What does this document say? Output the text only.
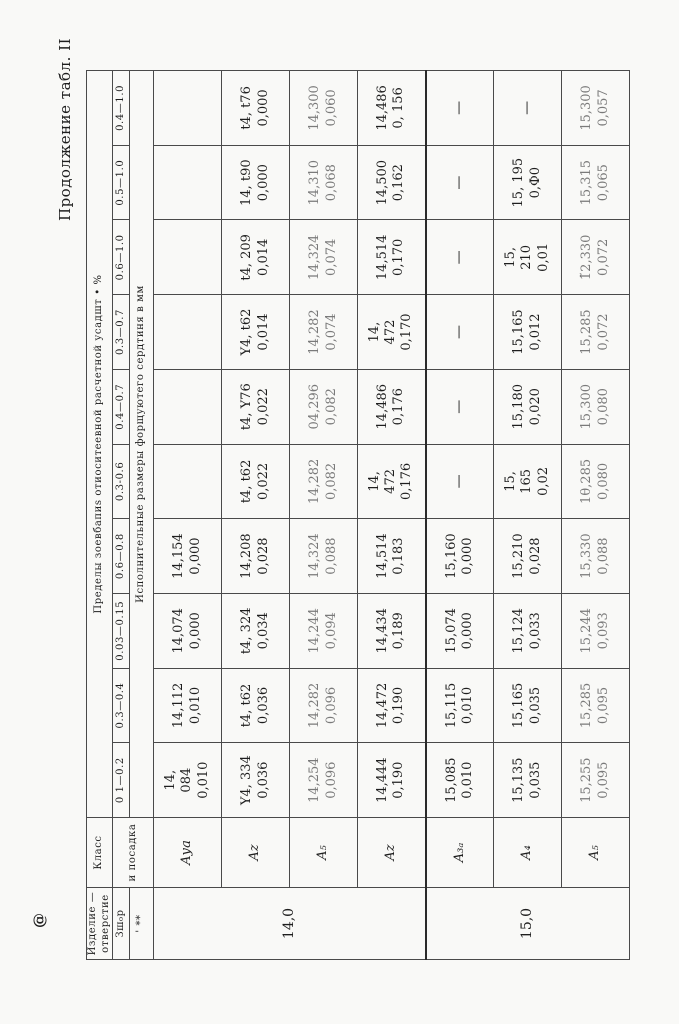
@
Продолжение табл. II
Изделие — отверстие	Класс	Пределы зоевбапиs отиоситеевной расчетной усадшт • %									
Зш₀р	и посадка	0 1—0.2	0.3—0.4	0.03—0.15	0.6—0.8	0.3-0.6	0.4—0.7	0.3—0.7	0.6—1.0	0.5—1.0	0.4—1.0
' **		Исполнительные размеры форщуютего сердтиня в мм									
14,0	Aуа	14, 084 0,010	14,112 0,010	14,074 0,000	14,154 0,000						

	Az	Y4, 334 0,036	t4, t62 0,036	t4, 324 0,034	14,208 0,028	t4, t62 0,022	t4, Y76 0,022	Y4, t62 0,014	t4, 209 0,014	14, t90 0,000	t4, t76 0,000

	A₅	14,254 0,096	14,282 0,096	14,244 0,094	14,324 0,088	14,282 0,082	04,296 0,082	14,282 0,074	14,324 0,074	14,310 0,068	14,300 0,060

	Az	14,444 0,190	14,472 0,190	14,434 0,189	14,514 0,183	14, 472 0,176	14,486 0,176	14, 472 0,170	14,514 0,170	14,500 0,162	14,486 0, 156

15,0	A₃ₐ	15,085 0,010	15,115 0,010	15,074 0,000	15,160 0,000	—	—	—	—	—	—

	A₄	15,135 0,035	15,165 0,035	15,124 0,033	15,210 0,028	15, 165 0,02	15,180 0,020	15,165 0,012	15, 210 0,01	15, 195 0,Ф0	—

	A₅	15,255 0,095	15,285 0,095	15,244 0,093	15,330 0,088	1θ,285 0,080	15,300 0,080	15,285 0,072	1̃2,330 0,072	15,315 0,065	15,300 0,057
